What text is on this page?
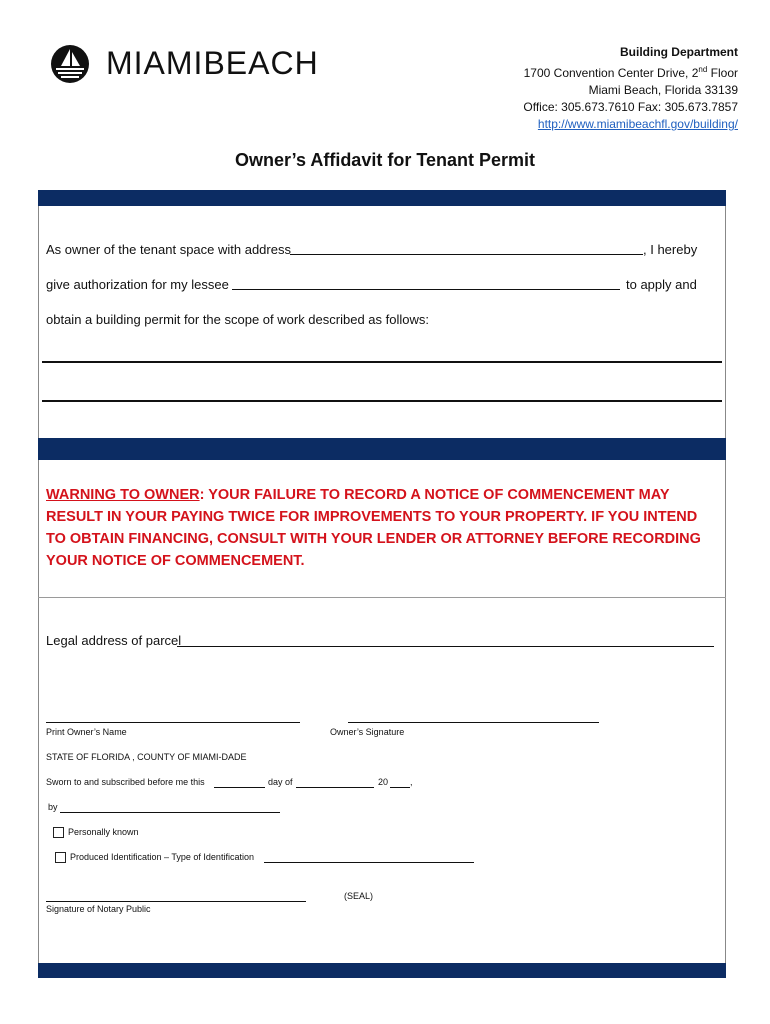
MIAMIBEACH	Building Department
1700 Convention Center Drive, 2nd Floor
Miami Beach, Florida 33139
Office: 305.673.7610 Fax: 305.673.7857
http://www.miamibeachfl.gov/building/
Owner’s Affidavit for Tenant Permit
As owner of the tenant space with address	, I hereby
give authorization for my lessee	to apply and
obtain a building permit for the scope of work described as follows:
WARNING TO OWNER: YOUR FAILURE TO RECORD A NOTICE OF COMMENCEMENT MAY RESULT IN YOUR PAYING TWICE FOR IMPROVEMENTS TO YOUR PROPERTY. IF YOU INTEND TO OBTAIN FINANCING, CONSULT WITH YOUR LENDER OR ATTORNEY BEFORE RECORDING YOUR NOTICE OF COMMENCEMENT.
Legal address of parcel
Print Owner’s Name	Owner’s Signature
STATE OF FLORIDA , COUNTY OF MIAMI-DADE
Sworn to and subscribed before me this	day of	20 ,
by
Personally known
Produced Identification – Type of Identification
(SEAL)
Signature of Notary Public
